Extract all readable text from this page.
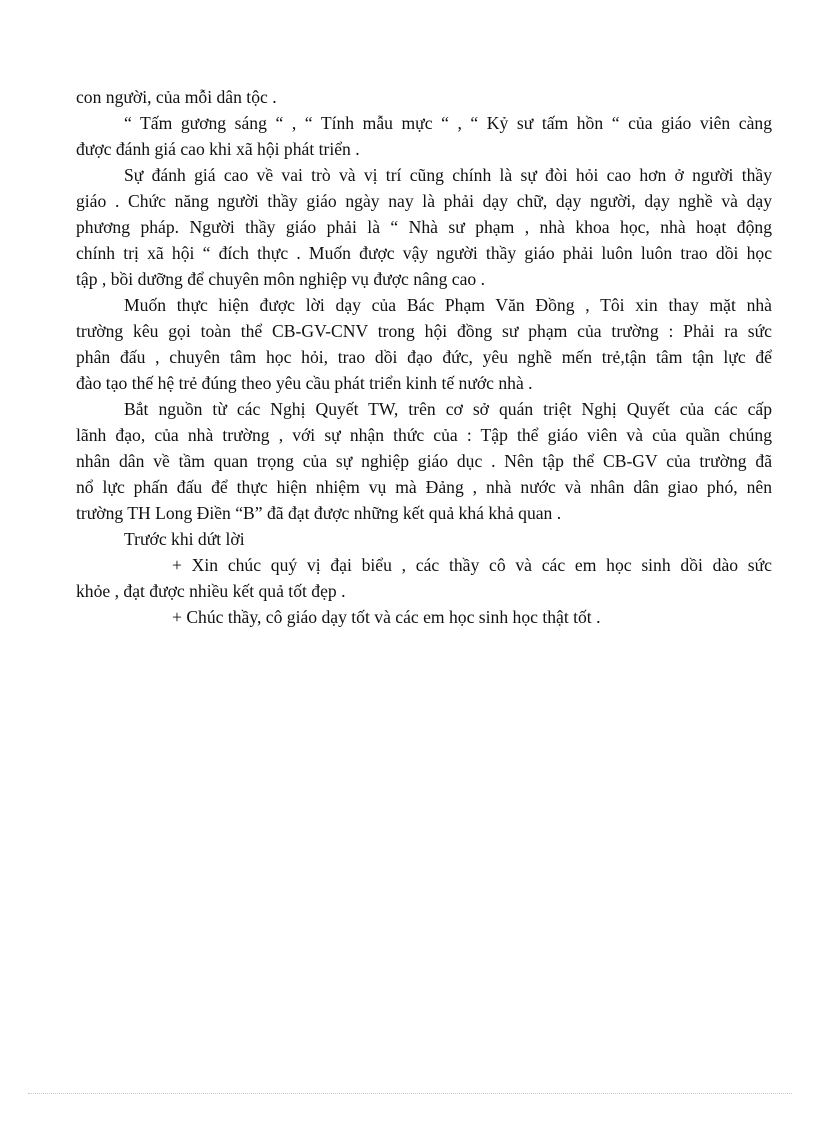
con người, của mỗi dân tộc .
“ Tấm gương sáng “ , “ Tính mẫu mực “ , “ Kỷ sư tấm hồn “ của giáo viên càng
được đánh giá cao khi xã hội phát triển .
Sự đánh giá cao về vai trò và vị trí cũng chính là sự đòi hỏi cao hơn ở người thầy
giáo . Chức năng người thầy giáo ngày nay là phải dạy chữ, dạy người, dạy nghề và dạy
phương pháp. Người thầy giáo phải là “ Nhà sư phạm , nhà khoa học, nhà hoạt động
chính trị xã hội “ đích thực . Muốn được vậy người thầy giáo phải luôn luôn trao dồi học
tập , bồi dưỡng để chuyên môn nghiệp vụ được nâng cao .
Muốn thực hiện được lời dạy của Bác Phạm Văn Đồng , Tôi xin thay mặt nhà
trường kêu gọi toàn thể CB-GV-CNV trong hội đồng sư phạm của trường : Phải ra sức
phân đấu , chuyên tâm học hỏi, trao dồi đạo đức, yêu nghề mến trẻ,tận tâm tận lực để
đào tạo thế hệ trẻ đúng theo yêu cầu phát triển kinh tế nước nhà .
Bắt nguồn từ các Nghị Quyết TW, trên cơ sở quán triệt Nghị Quyết của các cấp
lãnh đạo, của nhà trường , với sự nhận thức của : Tập thể giáo viên và của quần chúng
nhân dân về tầm quan trọng của sự nghiệp giáo dục . Nên tập thể CB-GV của trường đã
nổ lực phấn đấu để thực hiện nhiệm vụ mà Đảng , nhà nước và nhân dân giao phó, nên
trường TH Long Điền “B” đã đạt được những kết quả khá khả quan .
Trước khi dứt lời
+ Xin chúc quý vị đại biểu , các thầy cô và các em học sinh dồi dào sức
khỏe , đạt được nhiều kết quả tốt đẹp .
+ Chúc thầy, cô giáo dạy tốt và các em học sinh học thật tốt .
